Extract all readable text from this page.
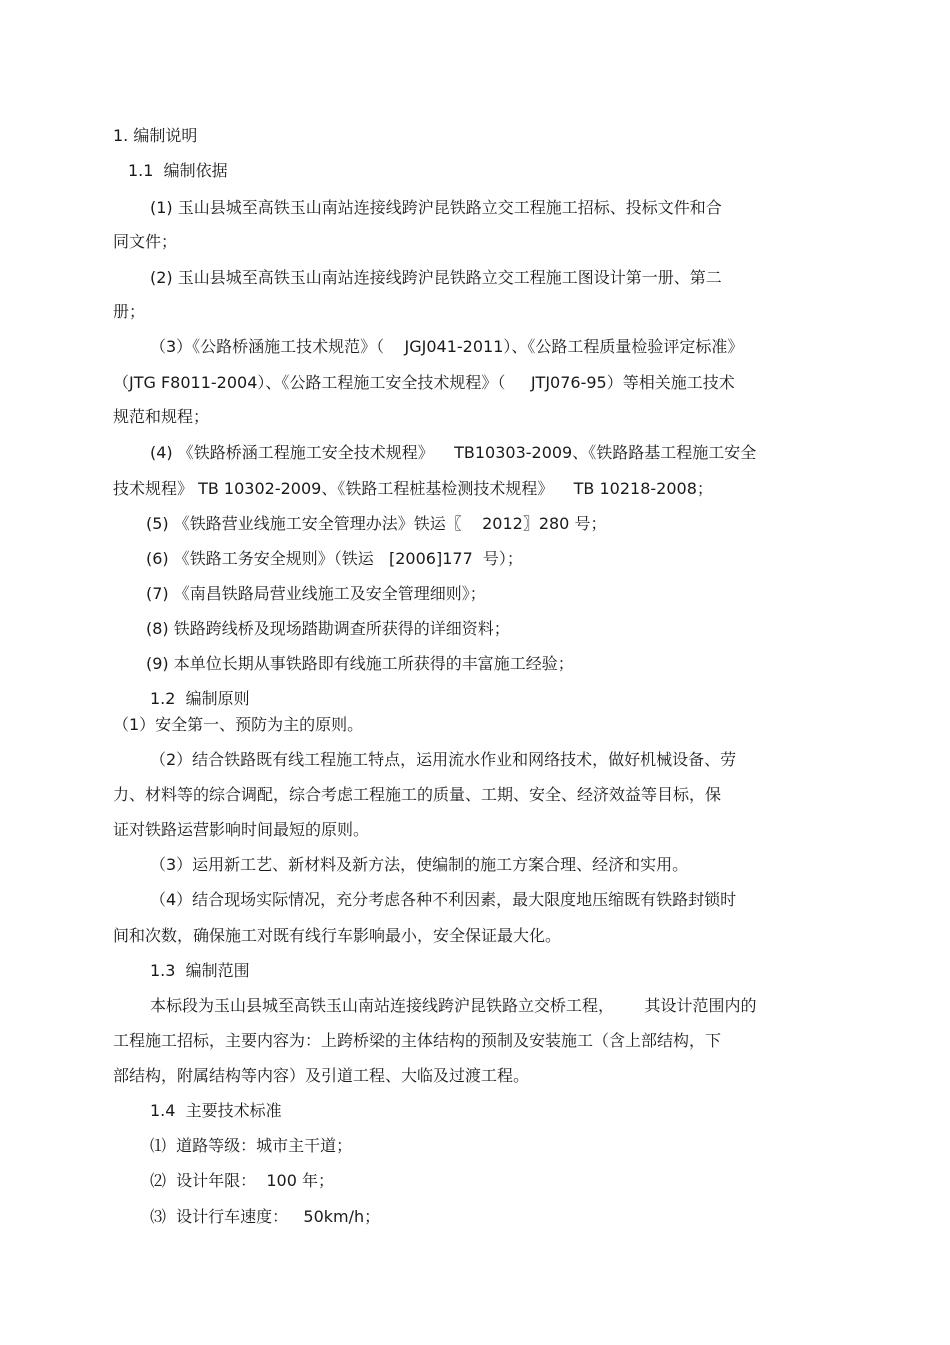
1. 编制说明
1.1  编制依据
(1) 玉山县城至高铁玉山南站连接线跨沪昆铁路立交工程施工招标、投标文件和合
同文件；
(2) 玉山县城至高铁玉山南站连接线跨沪昆铁路立交工程施工图设计第一册、第二
册；
（3）《公路桥涵施工技术规范》（    JGJ041-2011）、《公路工程质量检验评定标准》
（JTG F8011-2004）、《公路工程施工安全技术规程》（     JTJ076-95）等相关施工技术
规范和规程；
(4) 《铁路桥涵工程施工安全技术规程》    TB10303-2009、《铁路路基工程施工安全
技术规程》 TB 10302-2009、《铁路工程桩基检测技术规程》    TB 10218-2008；
(5) 《铁路营业线施工安全管理办法》铁运〖    2012〗280 号；
(6) 《铁路工务安全规则》（铁运   [2006]177  号）；
(7) 《南昌铁路局营业线施工及安全管理细则》；
(8) 铁路跨线桥及现场踏勘调查所获得的详细资料；
(9) 本单位长期从事铁路即有线施工所获得的丰富施工经验；
1.2  编制原则
（1）安全第一、预防为主的原则。
（2）结合铁路既有线工程施工特点，运用流水作业和网络技术，做好机械设备、劳
力、材料等的综合调配，综合考虑工程施工的质量、工期、安全、经济效益等目标，保
证对铁路运营影响时间最短的原则。
（3）运用新工艺、新材料及新方法，使编制的施工方案合理、经济和实用。
（4）结合现场实际情况，充分考虑各种不利因素，最大限度地压缩既有铁路封锁时
间和次数，确保施工对既有线行车影响最小，安全保证最大化。
1.3  编制范围
本标段为玉山县城至高铁玉山南站连接线跨沪昆铁路立交桥工程，      其设计范围内的
工程施工招标，主要内容为：上跨桥梁的主体结构的预制及安装施工（含上部结构，下
部结构，附属结构等内容）及引道工程、大临及过渡工程。
1.4  主要技术标准
⑴  道路等级：城市主干道；
⑵  设计年限：  100 年；
⑶  设计行车速度：   50km/h；
